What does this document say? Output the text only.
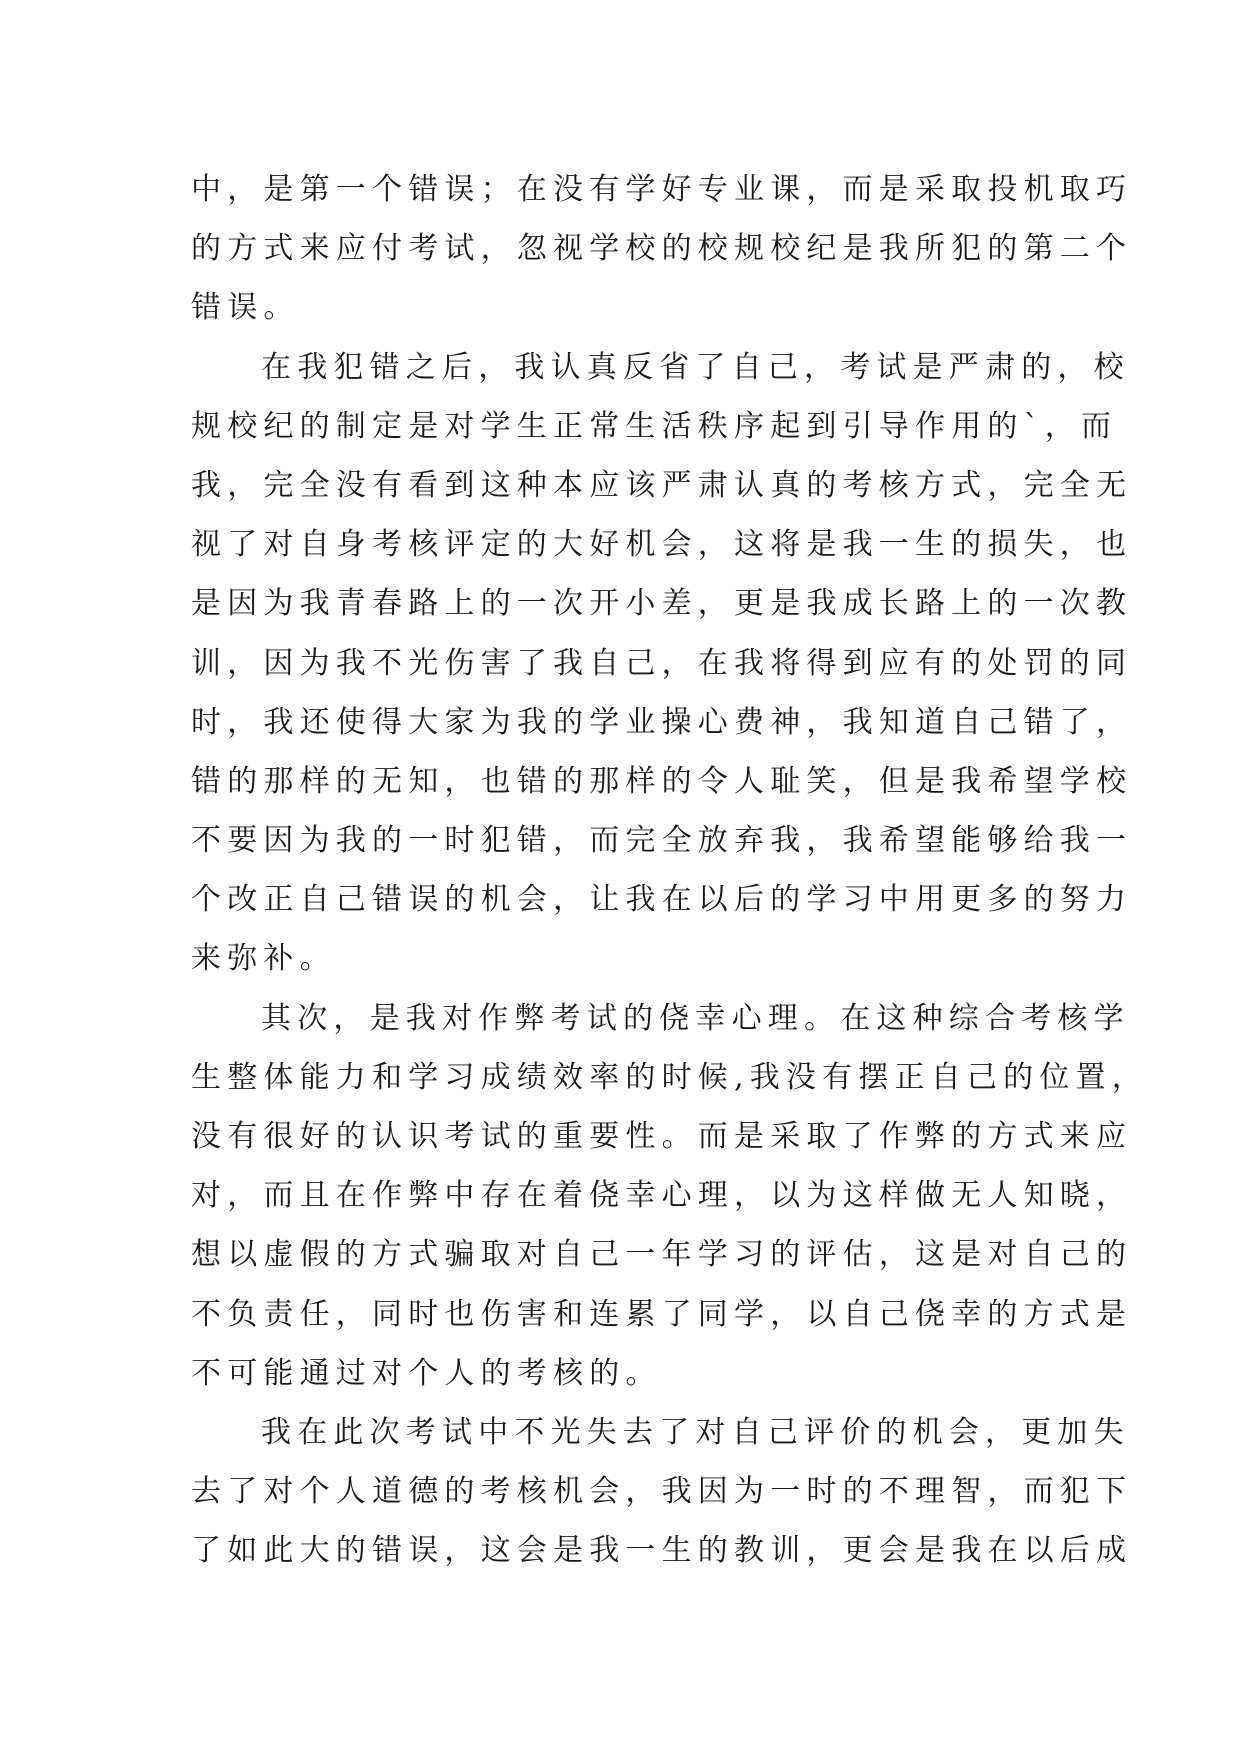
中，是第一个错误；在没有学好专业课，而是采取投机取巧
的方式来应付考试，忽视学校的校规校纪是我所犯的第二个
错误。
在我犯错之后，我认真反省了自己，考试是严肃的，校
规校纪的制定是对学生正常生活秩序起到引导作用的`，而
我，完全没有看到这种本应该严肃认真的考核方式，完全无
视了对自身考核评定的大好机会，这将是我一生的损失，也
是因为我青春路上的一次开小差，更是我成长路上的一次教
训，因为我不光伤害了我自己，在我将得到应有的处罚的同
时，我还使得大家为我的学业操心费神，我知道自己错了，
错的那样的无知，也错的那样的令人耻笑，但是我希望学校
不要因为我的一时犯错，而完全放弃我，我希望能够给我一
个改正自己错误的机会，让我在以后的学习中用更多的努力
来弥补。
其次，是我对作弊考试的侥幸心理。在这种综合考核学
生整体能力和学习成绩效率的时候,我没有摆正自己的位置，
没有很好的认识考试的重要性。而是采取了作弊的方式来应
对，而且在作弊中存在着侥幸心理，以为这样做无人知晓，
想以虚假的方式骗取对自己一年学习的评估，这是对自己的
不负责任，同时也伤害和连累了同学，以自己侥幸的方式是
不可能通过对个人的考核的。
我在此次考试中不光失去了对自己评价的机会，更加失
去了对个人道德的考核机会，我因为一时的不理智，而犯下
了如此大的错误，这会是我一生的教训，更会是我在以后成
